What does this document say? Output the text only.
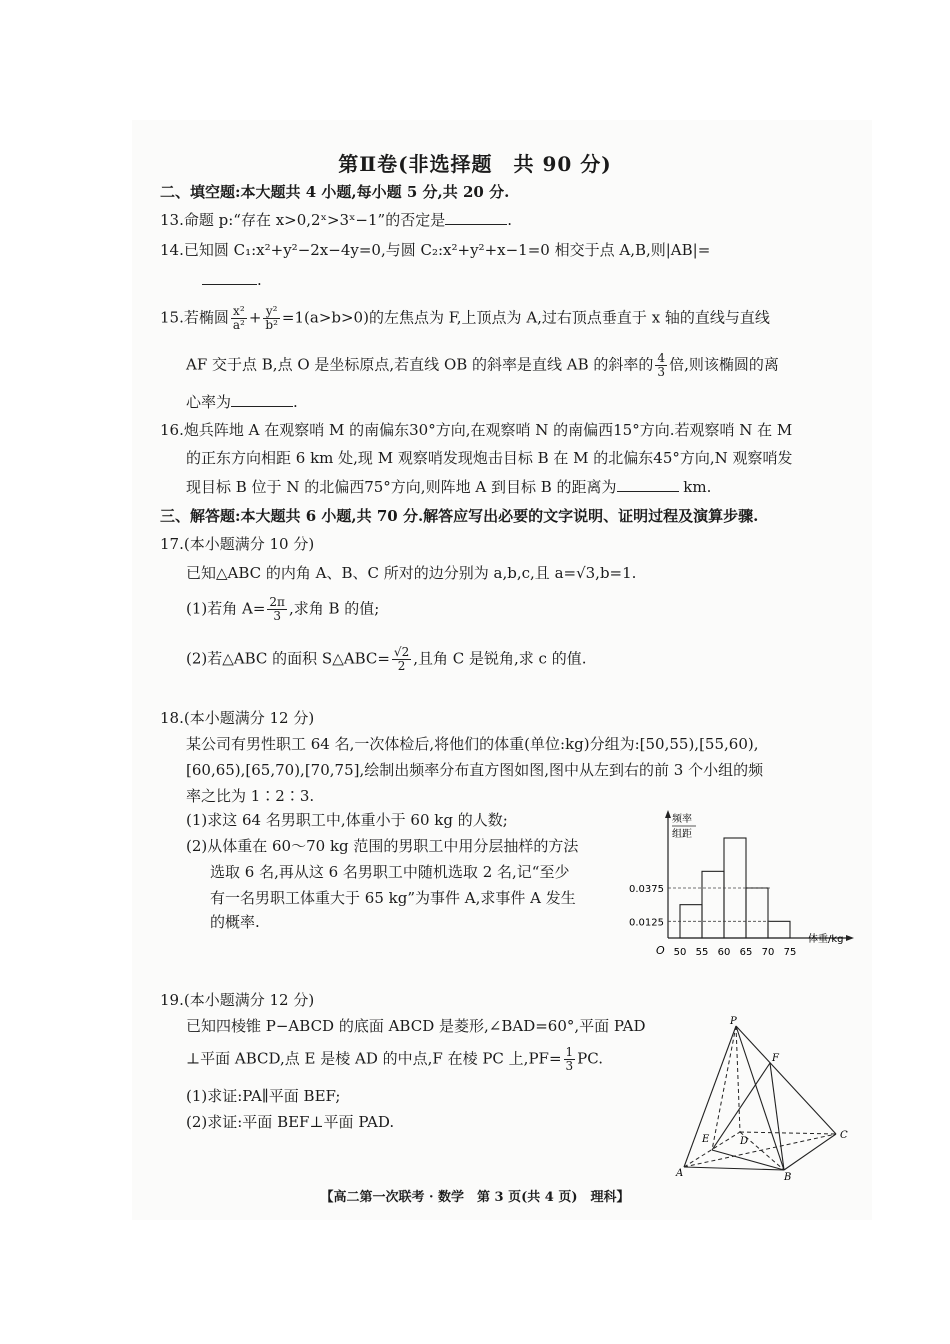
第Ⅱ卷(非选择题　共 90 分)
二、填空题:本大题共 4 小题,每小题 5 分,共 20 分.
13.命题 p:“存在 x>0,2ˣ>3ˣ−1”的否定是	.
14.已知圆 C₁:x²+y²−2x−4y=0,与圆 C₂:x²+y²+x−1=0 相交于点 A,B,则|AB|=
.
15.若椭圆 $\frac{\text{x²}}{\text{a²}} + \frac{\text{y²}}{\text{b²}} =1(a>b>0)$的左焦点为 F,上顶点为 A,过右顶点垂直于 x 轴的直线与直线
AF 交于点 B,点 O 是坐标原点,若直线 OB 的斜率是直线 AB 的斜率的 $\frac{4}{3}$ 倍,则该椭圆的离
心率为	.
16.炮兵阵地 A 在观察哨 M 的南偏东30°方向,在观察哨 N 的南偏西15°方向.若观察哨 N 在 M
的正东方向相距 6 km 处,现 M 观察哨发现炮击目标 B 在 M 的北偏东45°方向,N 观察哨发
现目标 B 位于 N 的北偏西75°方向,则阵地 A 到目标 B 的距离为	km.
三、解答题:本大题共 6 小题,共 70 分.解答应写出必要的文字说明、证明过程及演算步骤.
17.(本小题满分 10 分)
已知△ABC 的内角 A、B、C 所对的边分别为 a,b,c,且 a=√3,b=1.
(1)若角 $A= \frac{2\pi}{3}$ ,求角 B 的值;
(2)若△ABC 的面积 S△ABC= $\frac{√2}{2}$ ,且角 C 是锐角,求 c 的值.
18.(本小题满分 12 分)
某公司有男性职工 64 名,一次体检后,将他们的体重(单位:kg)分组为:[50,55),[55,60),
[60,65),[65,70),[70,75],绘制出频率分布直方图如图,图中从左到右的前 3 个小组的频
率之比为 1∶2∶3.
(1)求这 64 名男职工中,体重小于 60 kg 的人数;
(2)从体重在 60～70 kg 范围的男职工中用分层抽样的方法
选取 6 名,再从这 6 名男职工中随机选取 2 名,记“至少
有一名男职工体重大于 65 kg”为事件 A,求事件 A 发生
的概率.
频率
组距
体重/kg
O 50 55 60 65 70 75
0.0125
0.0375
19.(本小题满分 12 分)
已知四棱锥 P−ABCD 的底面 ABCD 是菱形,∠BAD=60°,平面 PAD
⊥平面 ABCD,点 E 是棱 AD 的中点,F 在棱 PC 上$,PF= \frac{1}{3}$ PC.
(1)求证:PA∥平面 BEF;
(2)求证:平面 BEF⊥平面 PAD.
P
F
E	D
C
A	B
【高二第一次联考 · 数学　第 3 页(共 4 页)　理科】
